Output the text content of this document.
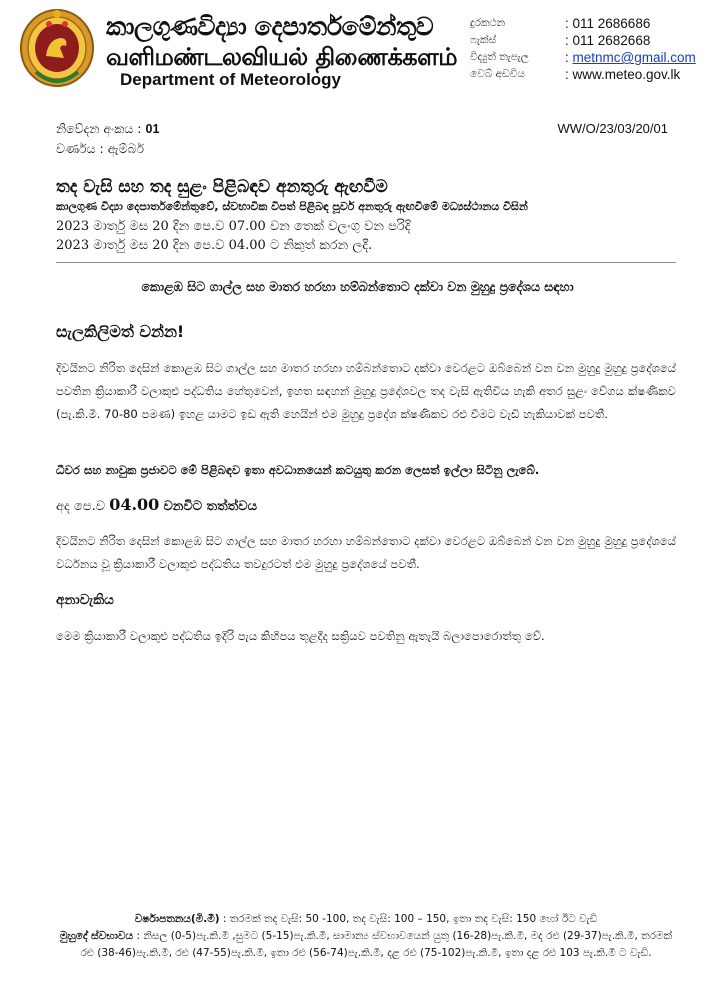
කාලගුණවිද්‍යා දෙපාර්තමේන්තුව
வளிமண்டலவியல் திணைக்களம்
Department of Meteorology
දුරකථන	: 011 2686686
ෆැක්ස්	: 011 2682668
විද්‍යුත් තැපැල	: metnmc@gmail.com
වෙබ් අඩවිය	: www.meteo.gov.lk
නිවේදන අංකය : 01
වර්ණය : ඇම්බර්
WW/O/23/03/20/01
තද වැසි සහ තද සුළං පිළිබඳව අනතුරු ඇඟවීම
කාලගුණ විද්‍යා දෙපාර්තමේන්තුවේ, ස්වභාවික විපත් පිළිබඳ පූර්ව අනතුරු ඇඟවීමේ මධ්‍යස්ථානය විසින්
2023 මාර්තු මස 20 දින පෙ.ව 07.00 වන තෙක් වලංගු වන පරිදි
2023 මාර්තු මස 20 දින පෙ.ව 04.00 ට නිකුත් කරන ලදී.
කොළඹ සිට ගාල්ල සහ මාතර හරහා හම්බන්තොට දක්වා වන මුහුදු ප්‍රදේශය සඳහා
සැලකිලිමත් වන්න!
දිවයිනට නිරිත දෙසින් කොළඹ සිට ගාල්ල සහ මාතර හරහා හම්බන්තොට දක්වා වෙරළට ඔබ්බෙන් වන වන මුහුදු මුහුදු ප්‍රදේශයේ පවතින ක්‍රියාකාරී වලාකුළු පද්ධතිය හේතුවෙන්, ඉහත සඳහන් මුහුදු ප්‍රදේශවල තද වැසි ඇතිවිය හැකි අතර සුළං වේගය ක්ෂණිකව (පැ.කි.මී. 70-80 පමණ) ඉහළ යාමට ඉඩ ඇති හෙයින් එම මුහුදු ප්‍රදේශ ක්ෂණිකව රළු වීමට වැඩි හැකියාවක් පවතී.
ධීවර සහ නාවුක ප්‍රජාවට මේ පිළිබඳව ඉතා අවධානයෙන් කටයුතු කරන ලෙසත් ඉල්ලා සිටිනු ලැබේ.
අද පෙ.ව 04.00 වනවිට තත්ත්වය
දිවයිනට නිරිත දෙසින් කොළඹ සිට ගාල්ල සහ මාතර හරහා හම්බන්තොට දක්වා වෙරළට ඔබ්බෙන් වන වන මුහුදු මුහුදු ප්‍රදේශයේ වර්ධනය වූ ක්‍රියාකාරී වලාකුළු පද්ධතිය තවදුරටත් එම මුහුදු ප්‍රදේශයේ පවතී.
අනාවැකිය
මෙම ක්‍රියාකාරී වලාකුළු පද්ධතිය ඉදිරි පැය කිහිපය තුළදීද සක්‍රියව පවතිනු ඇතැයි බලාපොරොත්තු වේ.
වර්ෂාපතනය(මි.මී) : තරමක් තද වැසි: 50 -100, තද වැසි: 100 – 150, ඉතා තද වැසි: 150 හෝ ඊට වැඩි
මුහුදේ ස්වභාවය : නිසල (0-5)පැ.කි.මී ,සුමට (5-15)පැ.කි.මී, සාමාන්‍ය ස්වභාවයෙන් යුතු (16-28)පැ.කි.මී, මද රළු (29-37)පැ.කි.මී, තරමක් රළු (38-46)පැ.කි.මී, රළු (47-55)පැ.කි.මී, ඉතා රළු (56-74)පැ.කි.මී, දළ රළු (75-102)පැ.කි.මී, ඉතා දළ රළු 103 පැ.කි.මී ට වැඩි.
